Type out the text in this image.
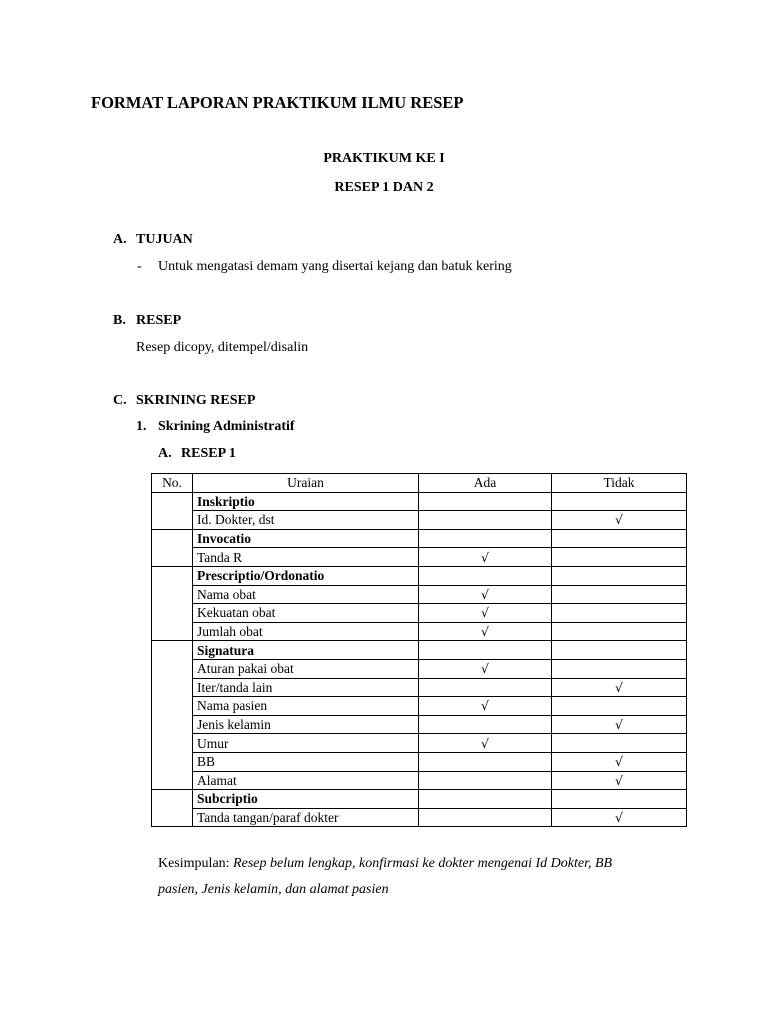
FORMAT LAPORAN PRAKTIKUM ILMU RESEP
PRAKTIKUM KE I
RESEP 1 DAN 2
A. TUJUAN
- Untuk mengatasi demam yang disertai kejang dan batuk kering
B. RESEP
Resep dicopy, ditempel/disalin
C. SKRINING RESEP
1. Skrining Administratif
A. RESEP 1
No.	Uraian	Ada	Tidak
	Inskriptio		
	Id. Dokter, dst		√
	Invocatio		
	Tanda R	√	
	Prescriptio/Ordonatio		
	Nama obat	√	
	Kekuatan obat	√	
	Jumlah obat	√	
	Signatura		
	Aturan pakai obat	√	
	Iter/tanda lain		√
	Nama pasien	√	
	Jenis kelamin		√
	Umur	√	
	BB		√
	Alamat		√
	Subcriptio		
	Tanda tangan/paraf dokter		√
Kesimpulan: Resep belum lengkap, konfirmasi ke dokter mengenai Id Dokter, BB
pasien, Jenis kelamin, dan alamat pasien
